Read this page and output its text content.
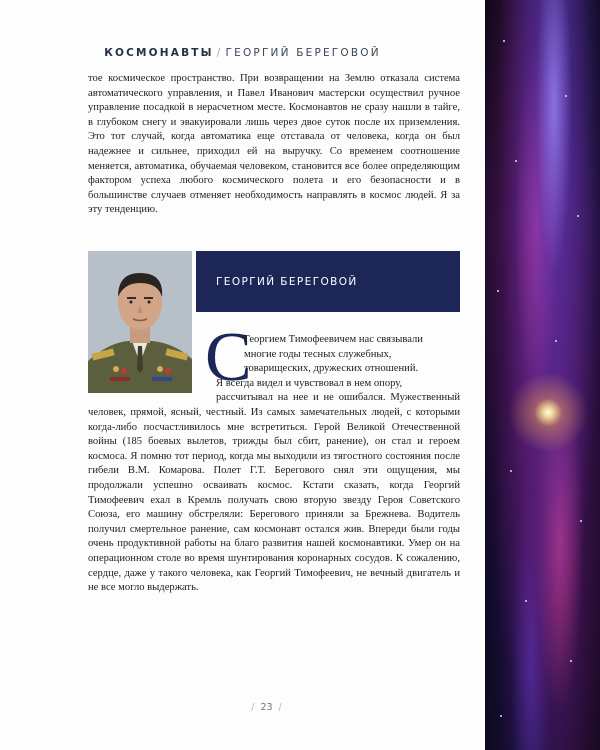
КОСМОНАВТЫ / ГЕОРГИЙ БЕРЕГОВОЙ

тое космическое пространство. При возвращении на Землю отказала система автоматического управления, и Павел Иванович мастерски осуществил ручное управление посадкой в нерасчетном месте. Космонавтов не сразу нашли в тайге, в глубоком снегу и эвакуировали лишь через двое суток после их приземления. Это тот случай, когда автоматика еще отставала от человека, когда он был надежнее и сильнее, приходил ей на выручку. Со временем соотношение меняется, автоматика, обучаемая человеком, становится все более определяющим фактором успеха любого космического полета и его безопасности и в большинстве случаев отменяет необходимость направлять в космос людей. Я за эту тенденцию.

ГЕОРГИЙ БЕРЕГОВОЙ
С
Георгием Тимофеевичем нас связывали
многие годы тесных служебных,
товарищеских, дружеских отношений.
Я всегда видел и чувствовал в нем опору,
рассчитывал на нее и не ошибался. Мужественный

человек, прямой, ясный, честный. Из самых замечательных людей, с которыми когда-либо посчастливилось мне встретиться. Герой Великой Отечественной войны (185 боевых вылетов, трижды был сбит, ранение), он стал и героем космоса. Я помню тот период, когда мы выходили из тягостного состояния после гибели В.М. Комарова. Полет Г.Т. Берегового снял эти ощущения, мы продолжали успешно осваивать космос. Кстати сказать, когда Георгий Тимофеевич ехал в Кремль получать свою вторую звезду Героя Советского Союза, его машину обстреляли: Берегового приняли за Брежнева. Водитель получил смертельное ранение, сам космонавт остался жив. Впереди были годы очень продуктивной работы на благо развития нашей космонавтики. Умер он на операционном столе во время шунтирования коронарных сосудов. К сожалению, сердце, даже у такого человека, как Георгий Тимофеевич, не вечный двигатель и не все могло выдержать.

/ 23 /
